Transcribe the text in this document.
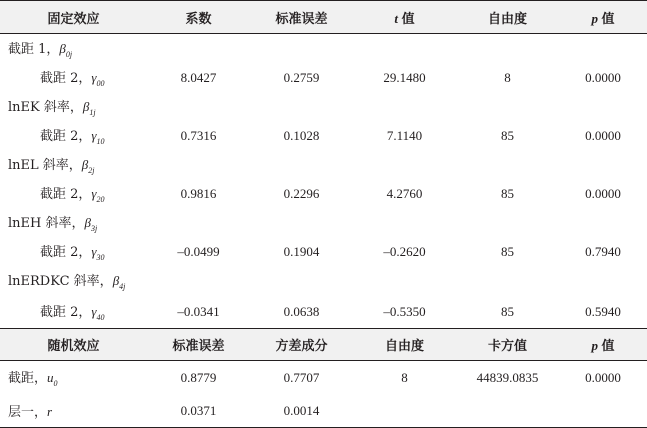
固定效应	系数	标准误差	t 值	自由度	p 值
截距 1，$\beta_{0j}$					
截距 2，$\gamma_{00}$	8.0427	0.2759	29.1480	8	0.0000
lnEK 斜率，$\beta_{1j}$					
截距 2，$\gamma_{10}$	0.7316	0.1028	7.1140	85	0.0000
lnEL 斜率，$\beta_{2j}$					
截距 2，$\gamma_{20}$	0.9816	0.2296	4.2760	85	0.0000
lnEH 斜率，$\beta_{3j}$					
截距 2，$\gamma_{30}$	–0.0499	0.1904	–0.2620	85	0.7940
lnERDKC 斜率，$\beta_{4j}$					
截距 2，$\gamma_{40}$	–0.0341	0.0638	–0.5350	85	0.5940
随机效应	标准误差	方差成分	自由度	卡方值	p 值
截距，$u_0$	0.8779	0.7707	8	44839.0835	0.0000
层一，r	0.0371	0.0014			
